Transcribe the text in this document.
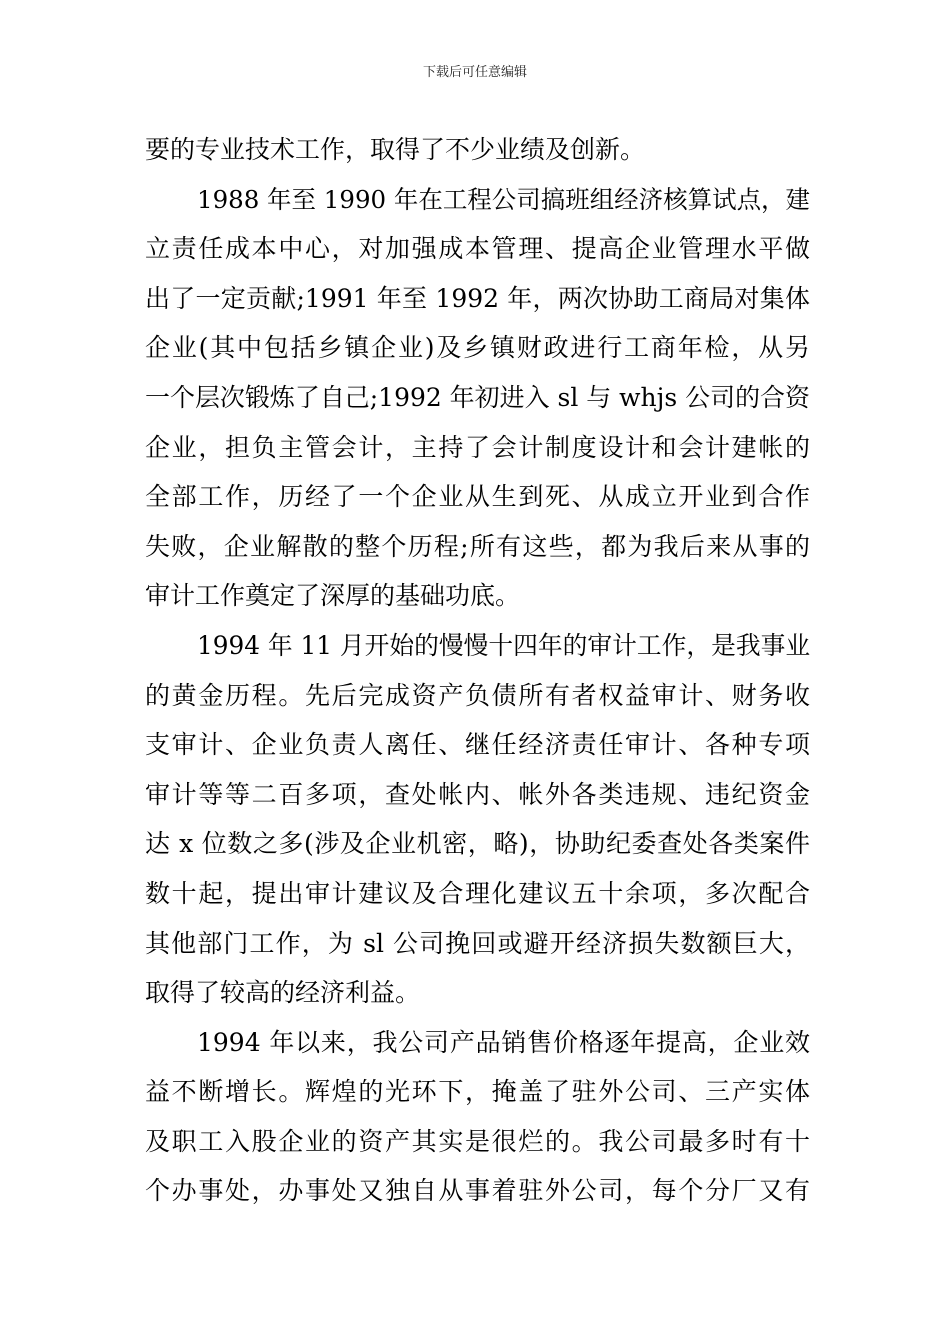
下载后可任意编辑
要的专业技术工作，取得了不少业绩及创新。
1988 年至 1990 年在工程公司搞班组经济核算试点，建
立责任成本中心，对加强成本管理、提高企业管理水平做
出了一定贡献;1991 年至 1992 年，两次协助工商局对集体
企业(其中包括乡镇企业)及乡镇财政进行工商年检，从另
一个层次锻炼了自己;1992 年初进入 sl 与 whjs 公司的合资
企业，担负主管会计，主持了会计制度设计和会计建帐的
全部工作，历经了一个企业从生到死、从成立开业到合作
失败，企业解散的整个历程;所有这些，都为我后来从事的
审计工作奠定了深厚的基础功底。
1994 年 11 月开始的慢慢十四年的审计工作，是我事业
的黄金历程。先后完成资产负债所有者权益审计、财务收
支审计、企业负责人离任、继任经济责任审计、各种专项
审计等等二百多项，查处帐内、帐外各类违规、违纪资金
达 x 位数之多(涉及企业机密，略)，协助纪委查处各类案件
数十起，提出审计建议及合理化建议五十余项，多次配合
其他部门工作，为 sl 公司挽回或避开经济损失数额巨大，
取得了较高的经济利益。
1994 年以来，我公司产品销售价格逐年提高，企业效
益不断增长。辉煌的光环下，掩盖了驻外公司、三产实体
及职工入股企业的资产其实是很烂的。我公司最多时有十
个办事处，办事处又独自从事着驻外公司，每个分厂又有
